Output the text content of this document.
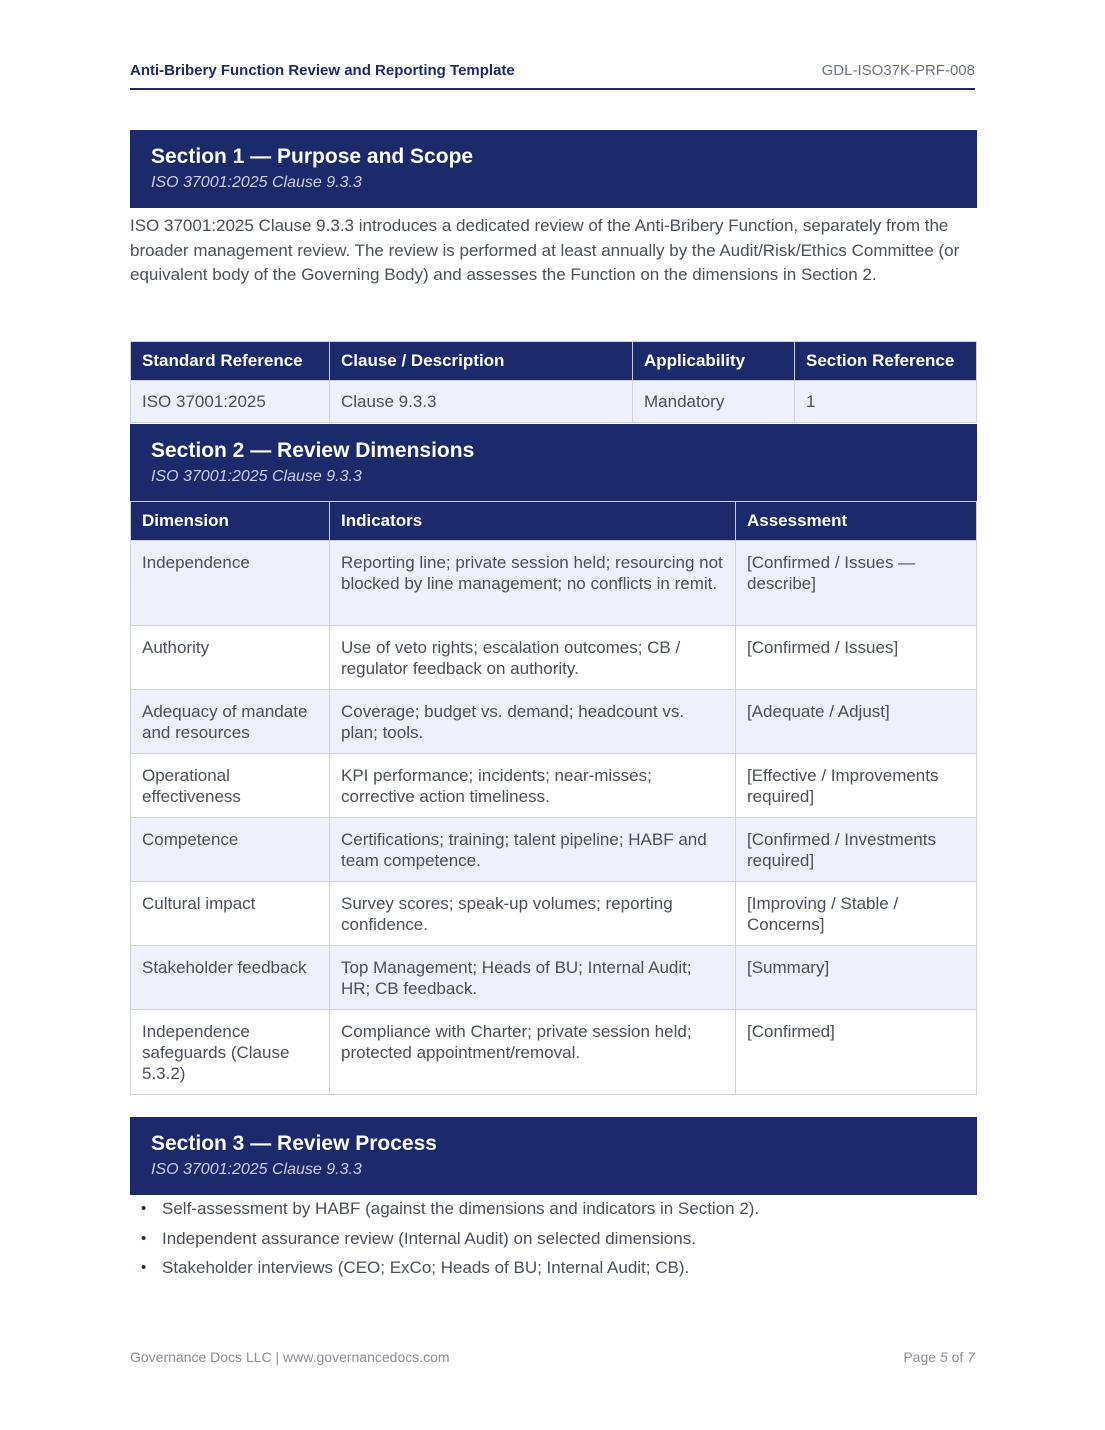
Anti-Bribery Function Review and Reporting Template	GDL-ISO37K-PRF-008
Section 1 — Purpose and Scope
ISO 37001:2025 Clause 9.3.3

ISO 37001:2025 Clause 9.3.3 introduces a dedicated review of the Anti-Bribery Function, separately from the broader management review. The review is performed at least annually by the Audit/Risk/Ethics Committee (or equivalent body of the Governing Body) and assesses the Function on the dimensions in Section 2.

Standard Reference	Clause / Description	Applicability	Section Reference
ISO 37001:2025	Clause 9.3.3	Mandatory	1
Section 2 — Review Dimensions
ISO 37001:2025 Clause 9.3.3
Dimension	Indicators	Assessment
Independence	Reporting line; private session held; resourcing not blocked by line management; no conflicts in remit.	[Confirmed / Issues — describe]
Authority	Use of veto rights; escalation outcomes; CB / regulator feedback on authority.	[Confirmed / Issues]
Adequacy of mandate and resources	Coverage; budget vs. demand; headcount vs. plan; tools.	[Adequate / Adjust]
Operational effectiveness	KPI performance; incidents; near-misses; corrective action timeliness.	[Effective / Improvements required]
Competence	Certifications; training; talent pipeline; HABF and team competence.	[Confirmed / Investments required]
Cultural impact	Survey scores; speak-up volumes; reporting confidence.	[Improving / Stable / Concerns]
Stakeholder feedback	Top Management; Heads of BU; Internal Audit; HR; CB feedback.	[Summary]
Independence safeguards (Clause 5.3.2)	Compliance with Charter; private session held; protected appointment/removal.	[Confirmed]
Section 3 — Review Process
ISO 37001:2025 Clause 9.3.3
• Self-assessment by HABF (against the dimensions and indicators in Section 2).
• Independent assurance review (Internal Audit) on selected dimensions.
• Stakeholder interviews (CEO; ExCo; Heads of BU; Internal Audit; CB).
Governance Docs LLC | www.governancedocs.com	Page 5 of 7
